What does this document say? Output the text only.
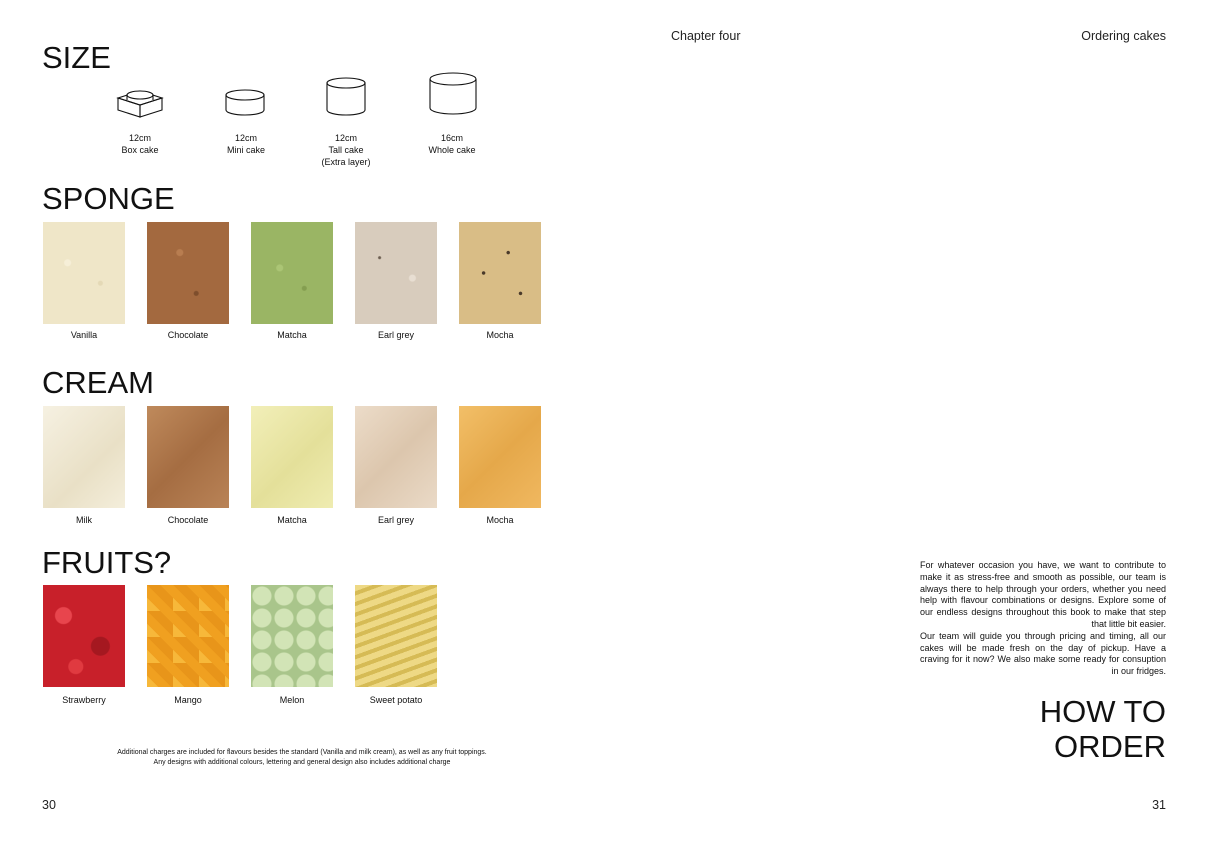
SIZE
12cm
Box cake
12cm
Mini cake
12cm
Tall cake
(Extra layer)
16cm
Whole cake
SPONGE
Vanilla	Chocolate	Matcha	Earl grey	Mocha
CREAM
Milk	Chocolate	Matcha	Earl grey	Mocha
FRUITS?
Strawberry	Mango	Melon	Sweet potato
Additional charges are included for flavours besides the standard (Vanilla and milk cream), as well as any fruit toppings.
Any designs with additional colours, lettering and general design also includes additional charge
30
Chapter four	Ordering cakes

For whatever occasion you have, we want to contribute to make it as stress-free and smooth as possible, our team is always there to help through your orders, whether you need help with flavour combinations or designs. Explore some of our endless designs throughout this book to make that step that little bit easier.

Our team will guide you through pricing and timing, all our cakes will be made fresh on the day of pickup. Have a craving for it now? We also make some ready for consuption in our fridges.

HOW TO
ORDER
31
